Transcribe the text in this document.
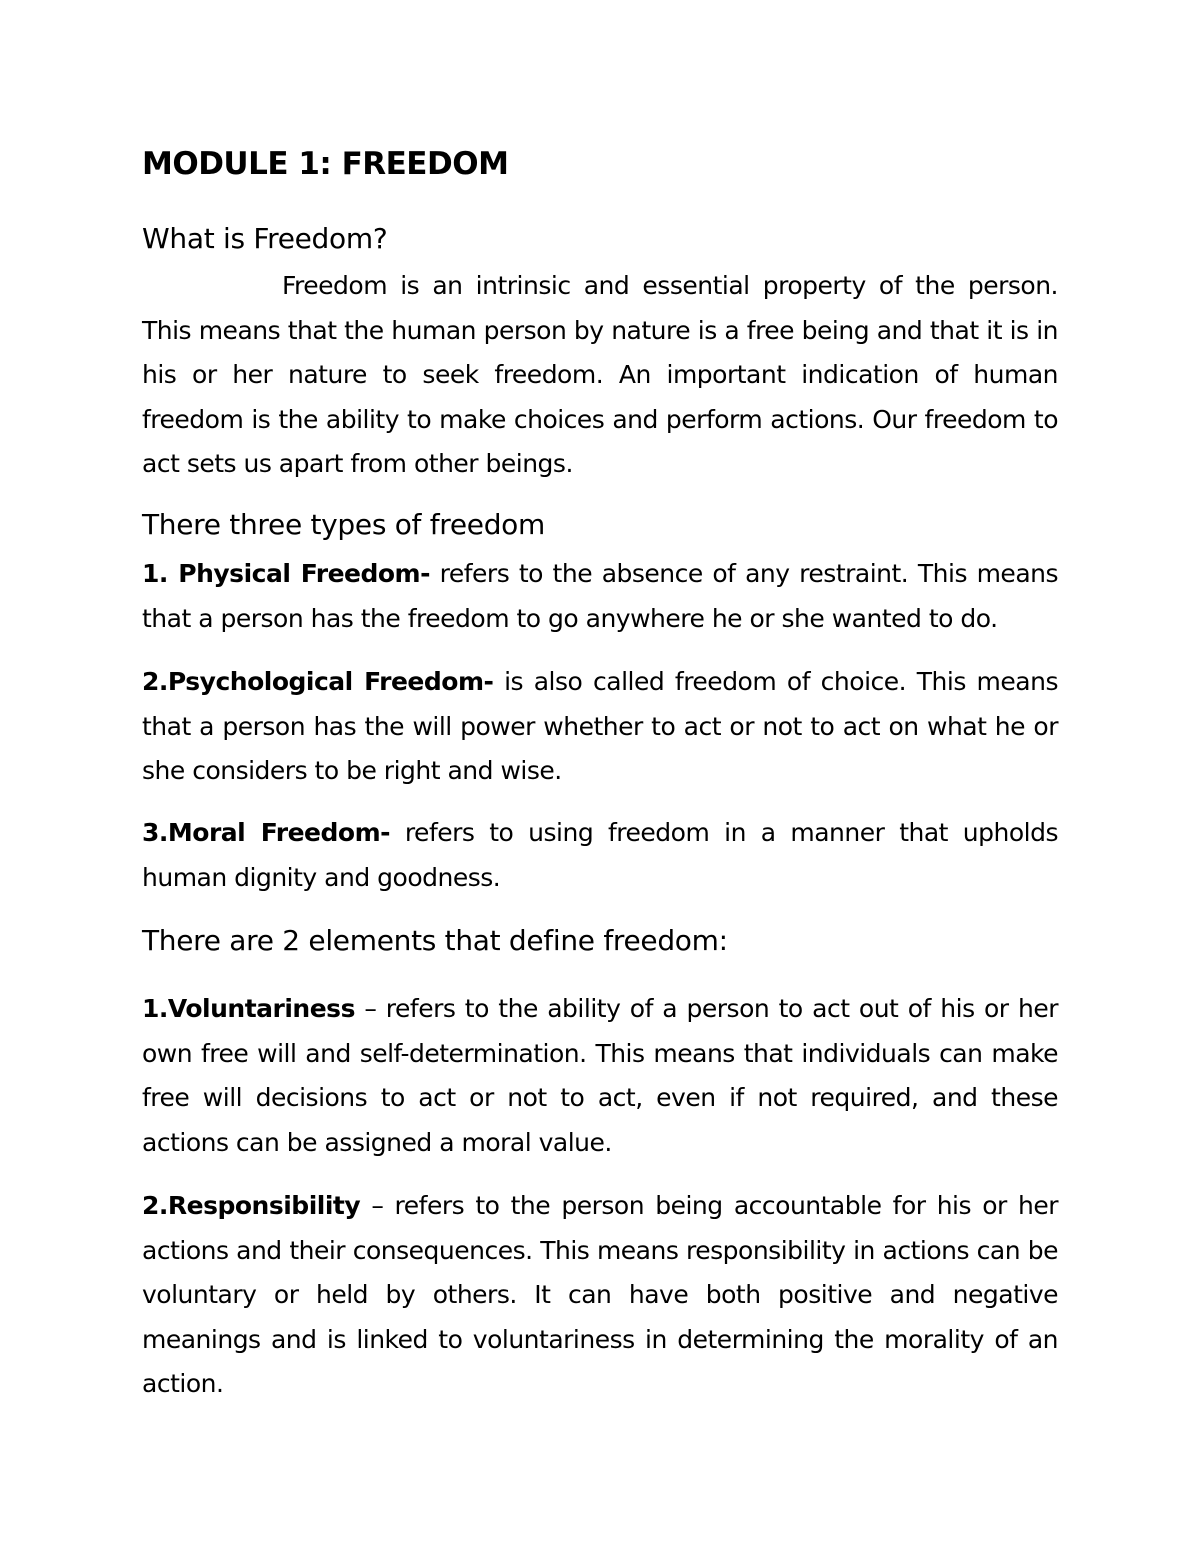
MODULE 1: FREEDOM
What is Freedom?
Freedom is an intrinsic and essential property of the person. This means that the human person by nature is a free being and that it is in his or her nature to seek freedom. An important indication of human freedom is the ability to make choices and perform actions. Our freedom to act sets us apart from other beings.
There three types of freedom
1. Physical Freedom- refers to the absence of any restraint. This means that a person has the freedom to go anywhere he or she wanted to do.
2.Psychological Freedom- is also called freedom of choice. This means that a person has the will power whether to act or not to act on what he or she considers to be right and wise.
3.Moral Freedom- refers to using freedom in a manner that upholds human dignity and goodness.
There are 2 elements that define freedom:
1.Voluntariness – refers to the ability of a person to act out of his or her own free will and self-determination. This means that individuals can make free will decisions to act or not to act, even if not required, and these actions can be assigned a moral value.
2.Responsibility – refers to the person being accountable for his or her actions and their consequences. This means responsibility in actions can be voluntary or held by others. It can have both positive and negative meanings and is linked to voluntariness in determining the morality of an action.
